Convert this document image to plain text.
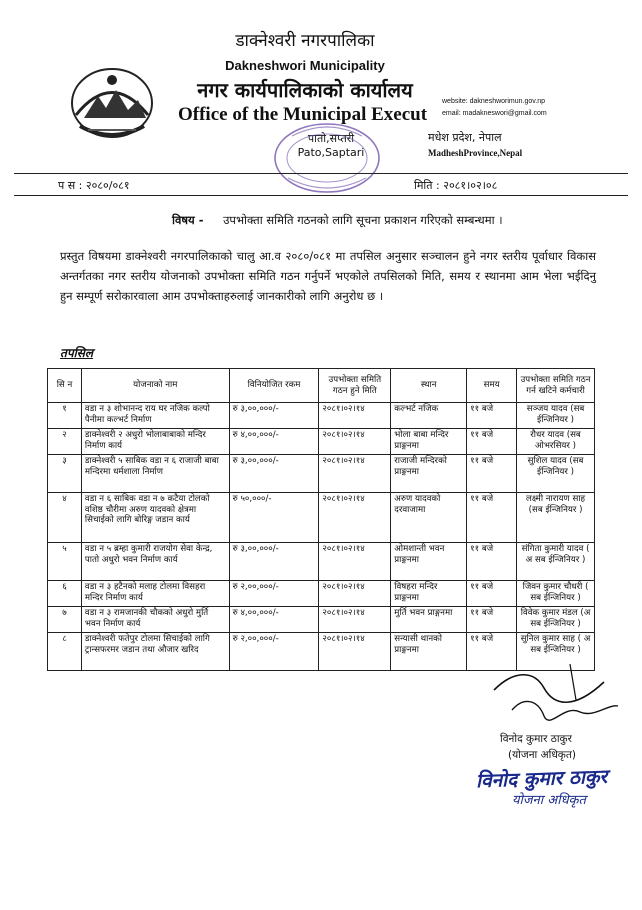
डाक्नेश्वरी नगरपालिका
Dakneshwori Municipality
नगर कार्यपालिकाको कार्यालय
Office of the Municipal Execut
पातो,सप्तरी
Pato,Saptari
website: dakneshworimun.gov.np
email: madakneswori@gmail.com
मधेश प्रदेश, नेपाल
MadheshProvince,Nepal
प स : २०८०/०८१	मिति : २०८१।०२।०८
विषय - उपभोक्ता समिति गठनको लागि सूचना प्रकाशन गरिएको सम्बन्धमा ।
प्रस्तुत विषयमा डाक्नेश्वरी नगरपालिकाको चालु आ.व २०८०/०८१ मा तपसिल अनुसार सञ्चालन हुने नगर स्तरीय पूर्वाधार विकास अन्तर्गतका नगर स्तरीय योजनाको उपभोक्ता समिति गठन गर्नुपर्ने भएकोले तपसिलको मिति, समय र स्थानमा आम भेला भईदिनु हुन सम्पूर्ण सरोकारवाला आम उपभोक्ताहरुलाई जानकारीको लागि अनुरोध छ ।
तपसिल
सि न	योजनाको नाम	विनियोजित रकम	उपभोक्ता समिति गठन हुने मिति	स्थान	समय	उपभोक्ता समिति गठन गर्न खटिने कर्मचारी
१	वडा न ३ शोभानन्द राय घर नजिक कल्पो पैनीमा कल्भर्ट निर्माण	रु ३,००,०००/-	२०८१।०२।१४	कल्भर्ट नजिक	११ बजे	सञ्जय यादव (सब ईन्जिनियर )
२	डाक्नेश्वरी २ अधुरो भोलाबाबाको मन्दिर निर्माण कार्य	रु ४,००,०००/-	२०८१।०२।१४	भोला बाबा मन्दिर प्राङ्गनमा	११ बजे	रौधर यादव (सब ओभरसियर )
३	डाक्नेश्वरी ५ साबिक वडा न ६ राजाजी बाबा मन्दिरमा धर्मशाला निर्माण	रु ३,००,०००/-	२०८१।०२।१४	राजाजी मन्दिरको प्राङ्गनमा	११ बजे	सुशिल यादव (सब ईन्जिनियर )
४	वडा न ६ साबिक वडा न ७ कटैया टोलको वशिष्ठ चौरीमा अरुण यादवको क्षेत्रमा सिचाईको लागि बोरिङ्ग जडान कार्य	रु ५०,०००/-	२०८१।०२।१४	अरुण यादवको दरवाजामा	११ बजे	लक्ष्मी नारायण साह (सब ईन्जिनियर )
५	वडा न ५ ब्रम्हा कुमारी राजयोग सेवा केन्द्र, पातो अधुरो भवन निर्माण कार्य	रु ३,००,०००/-	२०८१।०२।१४	ओमशान्ती भवन प्राङ्गनमा	११ बजे	संगिता कुमारी यादव ( अ सब ईन्जिनियर )
६	वडा न ३ हटैनको मलाह टोलमा विसहरा मन्दिर निर्माण कार्य	रु २,००,०००/-	२०८१।०२।१४	विषहरा मन्दिर प्राङ्गनमा	११ बजे	जिवन कुमार चौधरी ( सब ईन्जिनियर )
७	वडा न ३ रामजानकी चौकको अधुरो मुर्ति भवन निर्माण कार्य	रु ४,००,०००/-	२०८१।०२।१४	मुर्ति भवन प्राङ्गनमा	११ बजे	विवेक कुमार मंडल (अ सब ईन्जिनियर )
८	डाक्नेश्वरी फतेपुर टोलमा सिचाईको लागि ट्रान्सफरमर जडान तथा औजार खरिद	रु २,००,०००/-	२०८१।०२।१४	सन्यासी थानको प्राङ्गनमा	११ बजे	सुनिल कुमार साह ( अ सब ईन्जिनियर )
विनोद कुमार ठाकुर
(योजना अधिकृत)
विनोद कुमार ठाकुर
योजना अधिकृत
